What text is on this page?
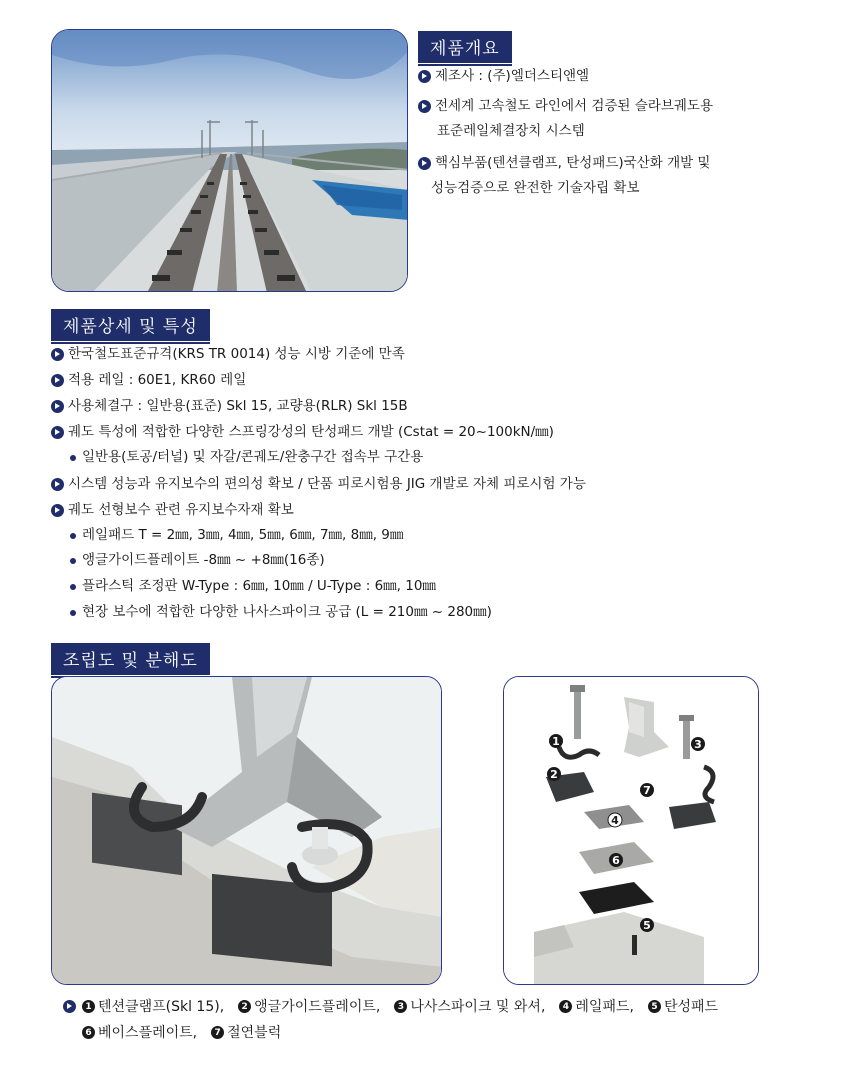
제품개요
제조사 : (주)엘더스티앤엘
전세계 고속철도 라인에서 검증된 슬라브궤도용
표준레일체결장치 시스템
핵심부품(텐션클램프, 탄성패드)국산화 개발 및
성능검증으로 완전한 기술자립 확보
제품상세 및 특성
한국철도표준규격(KRS TR 0014) 성능 시방 기준에 만족
적용 레일 : 60E1, KR60 레일
사용체결구 : 일반용(표준) Skl 15, 교량용(RLR) Skl 15B
궤도 특성에 적합한 다양한 스프링강성의 탄성패드 개발 (Cstat = 20~100kN/㎜)
일반용(토공/터널) 및 자갈/콘궤도/완충구간 접속부 구간용
시스템 성능과 유지보수의 편의성 확보 / 단품 피로시험용 JIG 개발로 자체 피로시험 가능
궤도 선형보수 관련 유지보수자재 확보
레일패드 T = 2㎜, 3㎜, 4㎜, 5㎜, 6㎜, 7㎜, 8㎜, 9㎜
앵글가이드플레이트 -8㎜ ~ +8㎜(16종)
플라스틱 조정판 W-Type : 6㎜, 10㎜ / U-Type : 6㎜, 10㎜
현장 보수에 적합한 다양한 나사스파이크 공급 (L = 210㎜ ~ 280㎜)
조립도 및 분해도
1
2
3
4
5
6
7
1 텐션클램프(Skl 15),	2 앵글가이드플레이트,	3 나사스파이크 및 와셔,	4 레일패드,	5 탄성패드
6 베이스플레이트,	7 절연블럭
